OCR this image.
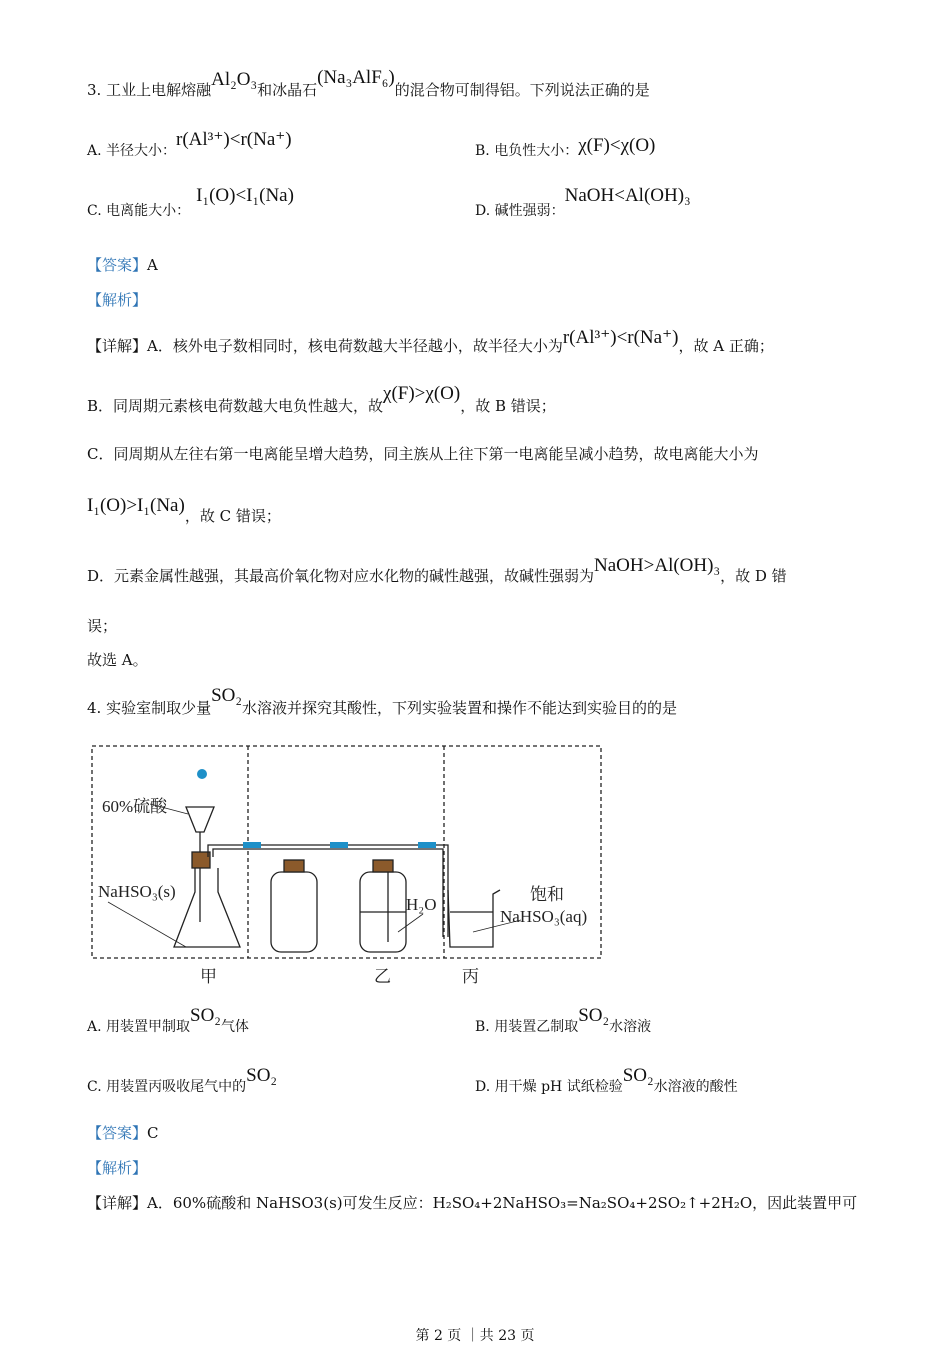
3. 工业上电解熔融Al₂O₃和冰晶石(Na₃AlF₆)的混合物可制得铝。下列说法正确的是
A. 半径大小：r(Al³⁺)<r(Na⁺)
B. 电负性大小：χ(F)<χ(O)
C. 电离能大小：I₁(O)<I₁(Na)
D. 碱性强弱：NaOH<Al(OH)₃
【答案】A
【解析】
【详解】A．核外电子数相同时，核电荷数越大半径越小，故半径大小为r(Al³⁺)<r(Na⁺)，故 A 正确；
B．同周期元素核电荷数越大电负性越大，故χ(F)>χ(O)，故 B 错误；
C．同周期从左往右第一电离能呈增大趋势，同主族从上往下第一电离能呈减小趋势，故电离能大小为
I₁(O)>I₁(Na)，故 C 错误；
D．元素金属性越强，其最高价氧化物对应水化物的碱性越强，故碱性强弱为NaOH>Al(OH)₃，故 D 错
误；
故选 A。
4. 实验室制取少量SO₂水溶液并探究其酸性，下列实验装置和操作不能达到实验目的的是
60%硫酸
NaHSO₃(s)
H₂O
饱和
NaHSO₃(aq)
甲	乙	丙
A. 用装置甲制取SO₂气体	B. 用装置乙制取SO₂水溶液
C. 用装置丙吸收尾气中的SO₂
D. 用干燥 pH 试纸检验SO₂水溶液的酸性
【答案】C
【解析】
【详解】A．60%硫酸和 NaHSO3(s)可发生反应：H₂SO₄+2NaHSO₃=Na₂SO₄+2SO₂↑+2H₂O，因此装置甲可
第 2 页 ｜共 23 页
